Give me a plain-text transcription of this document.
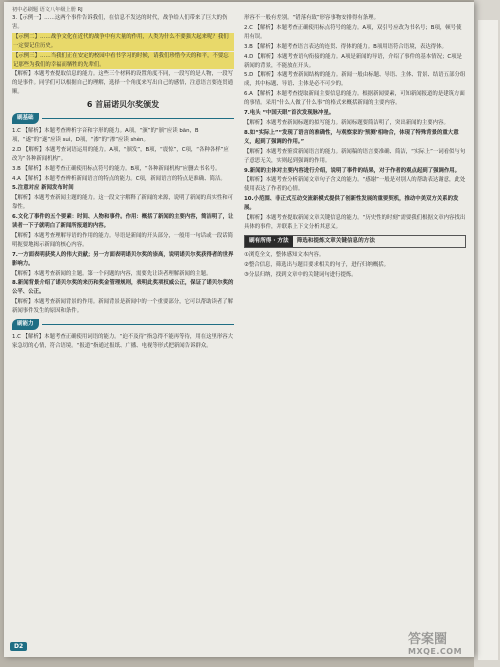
初中必刷题 语文八年级上册 RJ

3.【示例一】……这两个事件告诉我们，在信息不发达的时代，战争给人们带来了巨大的伤害。

【示例二】……战争文化在近代的战争中有大量的作用，人类为什么不要强大起来呢？我们一定要记住历史。

【示例三】……当我们正在安定的校园中看书学习的时候，请我们珍惜今天的和平，不要忘记那些为我们的幸福而牺牲的先辈们。

【解析】本题考查提取信息的能力。这些三个材料的设置角度不同，一段写的是人物，一段写的是事件。同学们可以根据自己的理解，选择一个角度来写出自己的感悟，注意语言要连贯通顺。

6 首届诺贝尔奖颁发
刷基础

1.C 【解析】本题考查辨析字音和字形的能力。A项，“颁”的“颁”应读 bān，B项，“遂”的“遂”应读 suì，D项，“渗”的“渗”应读 shèn。

2.D 【解析】本题考查词语运用的能力。A项，“颁发”，B项，“震惊”，C项，“各种各样”应改为“各种新闻机构”。

3.B 【解析】本题考查正确使用标点符号的能力。B项，“各种新闻机构”应删去书名号。

4.A 【解析】本题考查辨析新闻语言的特点的能力。C项，新闻语言的特点是准确、简洁。

5.注意对应 新闻发布时间

【解析】本题考查新闻主题的能力。这一段文字解释了新闻的来源，说明了新闻的真实性和可靠性。

6.文化了事件的五个要素：时间、人物和事件。作用：概括了新闻的主要内容，简洁明了，让读者一下子就明白了新闻所报道的内容。

【解析】本题考查理解导语的作用的能力。导语是新闻的开头部分，一般用一句话或一段话简明扼要地揭示新闻的核心内容。

7.一方面表明获奖人的伟大贡献；另一方面表明诺贝尔奖的崇高，说明诺贝尔奖获得者的世界影响力。

【解析】本题考查新闻的主题。第一个问题的内容，需要先让读者理解新闻的主题。

8.新闻背景介绍了诺贝尔奖的来历和奖金管理规则，表明此奖项权威公正，保证了诺贝尔奖的公平、公正。

【解析】本题考查新闻背景的作用。新闻背景是新闻中的一个重要部分，它可以帮助读者了解新闻事件发生的原因和条件。

刷能力

1.C 【解析】本题考查正确使用词语的能力。“迫不及待”指急得不能再等待，用在这里形容大家急切的心情，符合语境。“报道”指通过报纸、广播、电视等形式把新闻告诉群众。

形容不一般有差别。“错落有致”形容事物安排得有条理。

2.C 【解析】本题考查正确使用标点符号的能力。A项，双引号应改为书名号；B项，顿号使用有误。

3.B 【解析】本题考查语言表达的连贯、得体的能力。B项用语符合语境，表达得体。

4.D 【解析】本题考查语句衔接的能力。A项是新闻的导语，介绍了事件的基本情况；C项是新闻的背景，不能放在开头。

5.D 【解析】本题考查新闻结构的能力。新闻一般由标题、导语、主体、背景、结语五部分组成，其中标题、导语、主体是必不可少的。

6.A 【解析】本题考查提取新闻主要信息的能力。根据新闻要素，可知新闻报道的是建筑方面的事情。采用“什么人做了什么事”的格式来概括新闻的主要内容。

7.电头 “中国天眼”首次发现脉冲星。

【解析】本题考查新闻标题的拟写能力。新闻标题要简洁明了，突出新闻的主要内容。

8.如“实际上”“发现了语言的准确性，与观察家的‘预测’相吻合，体现了特殊背景的重大意义，起到了强调的作用。”

【解析】本题考查鉴赏新闻语言的能力。新闻稿的语言要准确、简洁，“实际上”一词看似与句子意思无关，实则起到强调的作用。

9.新闻的主体对主要内容进行介绍，说明了事件的结果，对于作者的观点起到了强调作用。

【解析】本题考查分析新闻文章句子含义的能力。“感谢”一般是对别人的帮助表达谢意，此处使用表达了作者的心情。

10.小范围、非正式互动交流新模式提供了创新性发展的重要契机，推动中美双方关系的发展。

【解析】本题考查提取新闻文章关键信息的能力。“历史性的时刻”需要我们根据文章内容找出具体的事件，并联系上下文分析其意义。

刷有所得 · 方法	筛选和提炼文章关键信息的方法

①浏览全文，整体感知文本内容。

②整合信息，筛选出与题目要求相关的句子，进行归纳概括。

③分层归纳，找到文章中的关键词句进行提炼。

D2	答案圈
MXQE.COM
